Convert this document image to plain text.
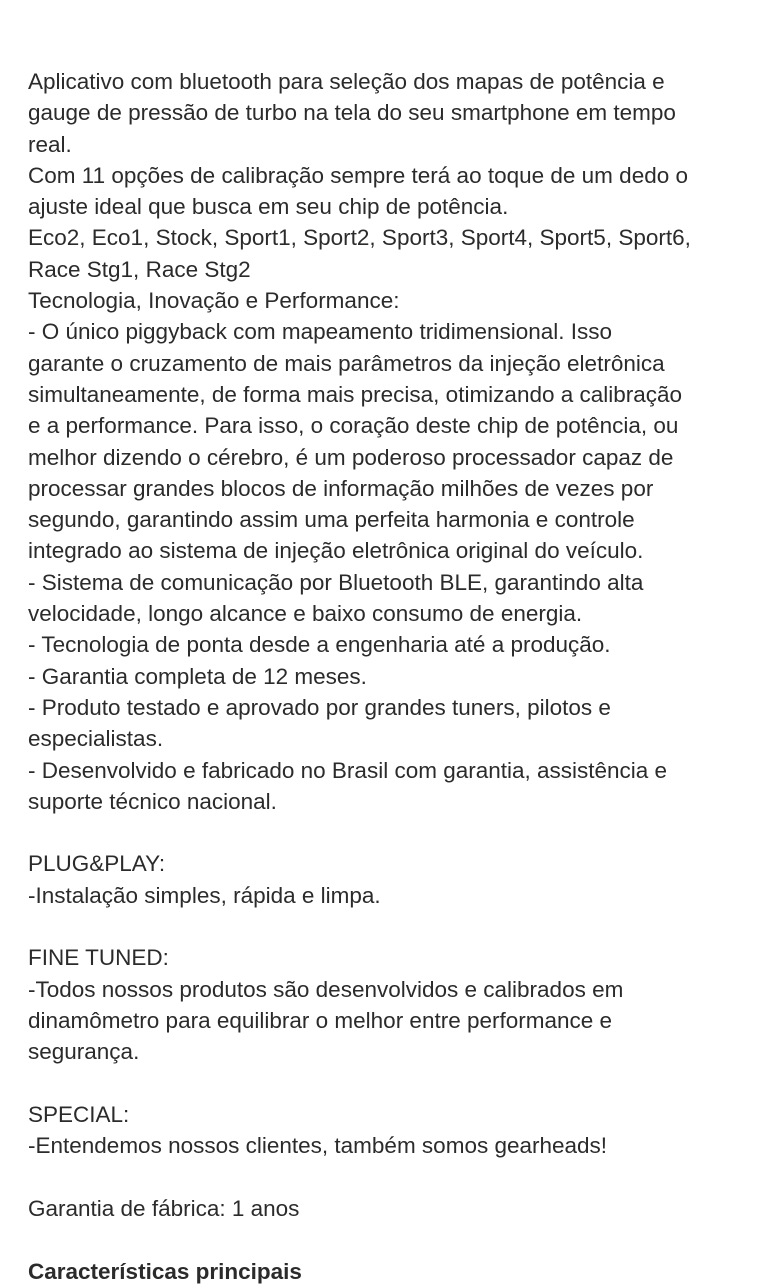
Aplicativo com bluetooth para seleção dos mapas de potência e
gauge de pressão de turbo na tela do seu smartphone em tempo
real.
Com 11 opções de calibração sempre terá ao toque de um dedo o
ajuste ideal que busca em seu chip de potência.
Eco2, Eco1, Stock, Sport1, Sport2, Sport3, Sport4, Sport5, Sport6,
Race Stg1, Race Stg2
Tecnologia, Inovação e Performance:
- O único piggyback com mapeamento tridimensional. Isso
garante o cruzamento de mais parâmetros da injeção eletrônica
simultaneamente, de forma mais precisa, otimizando a calibração
e a performance. Para isso, o coração deste chip de potência, ou
melhor dizendo o cérebro, é um poderoso processador capaz de
processar grandes blocos de informação milhões de vezes por
segundo, garantindo assim uma perfeita harmonia e controle
integrado ao sistema de injeção eletrônica original do veículo.
- Sistema de comunicação por Bluetooth BLE, garantindo alta
velocidade, longo alcance e baixo consumo de energia.
- Tecnologia de ponta desde a engenharia até a produção.
- Garantia completa de 12 meses.
- Produto testado e aprovado por grandes tuners, pilotos e
especialistas.
- Desenvolvido e fabricado no Brasil com garantia, assistência e
suporte técnico nacional.
PLUG&PLAY:
-Instalação simples, rápida e limpa.
FINE TUNED:
-Todos nossos produtos são desenvolvidos e calibrados em
dinamômetro para equilibrar o melhor entre performance e
segurança.
SPECIAL:
-Entendemos nossos clientes, também somos gearheads!
Garantia de fábrica: 1 anos
Características principais
